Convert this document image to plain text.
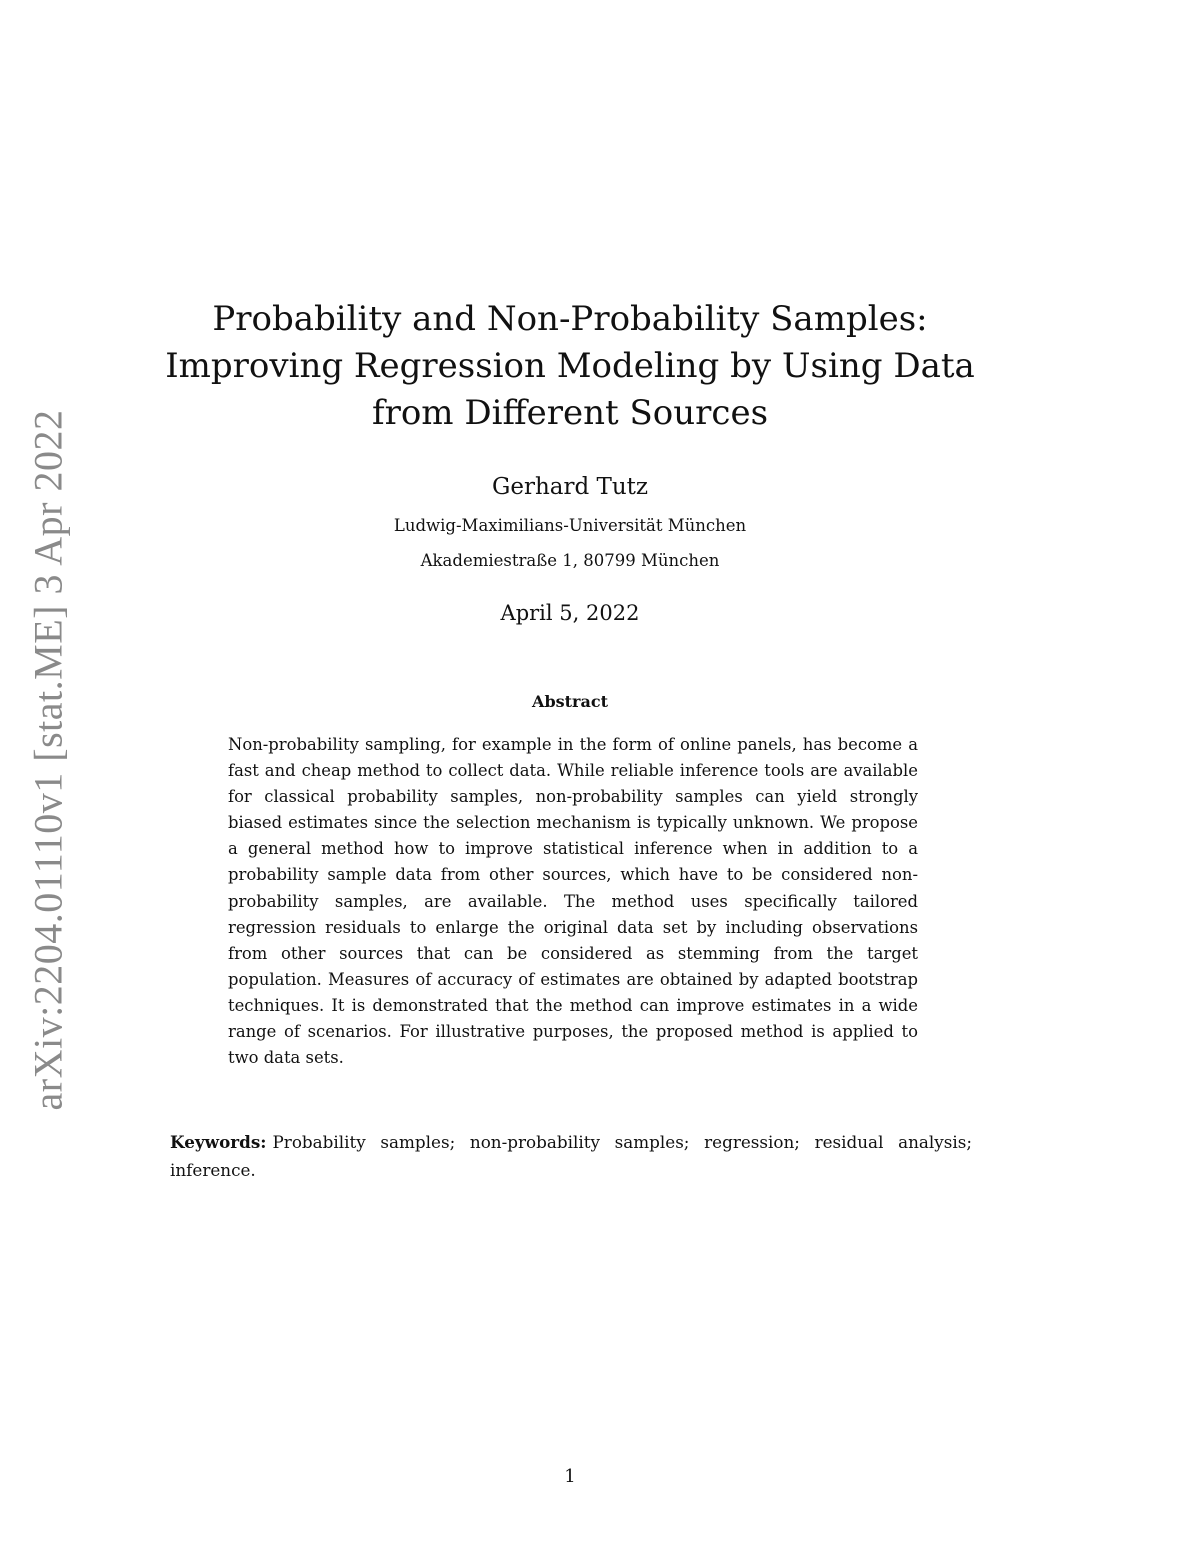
arXiv:2204.01110v1 [stat.ME] 3 Apr 2022
Probability and Non-Probability Samples:
Improving Regression Modeling by Using Data
from Different Sources
Gerhard Tutz
Ludwig-Maximilians-Universität München
Akademiestraße 1, 80799 München
April 5, 2022
Abstract
Non-probability sampling, for example in the form of online panels, has become a fast and cheap method to collect data. While reliable inference tools are available for classical probability samples, non-probability samples can yield strongly biased estimates since the selection mechanism is typically unknown. We propose a general method how to improve statistical inference when in addition to a probability sample data from other sources, which have to be considered non-probability samples, are available. The method uses specifically tailored regression residuals to enlarge the original data set by including observations from other sources that can be considered as stemming from the target population. Measures of accuracy of estimates are obtained by adapted bootstrap techniques. It is demonstrated that the method can improve estimates in a wide range of scenarios. For illustrative purposes, the proposed method is applied to two data sets.
Keywords: Probability samples; non-probability samples; regression; residual analysis; inference.
1
